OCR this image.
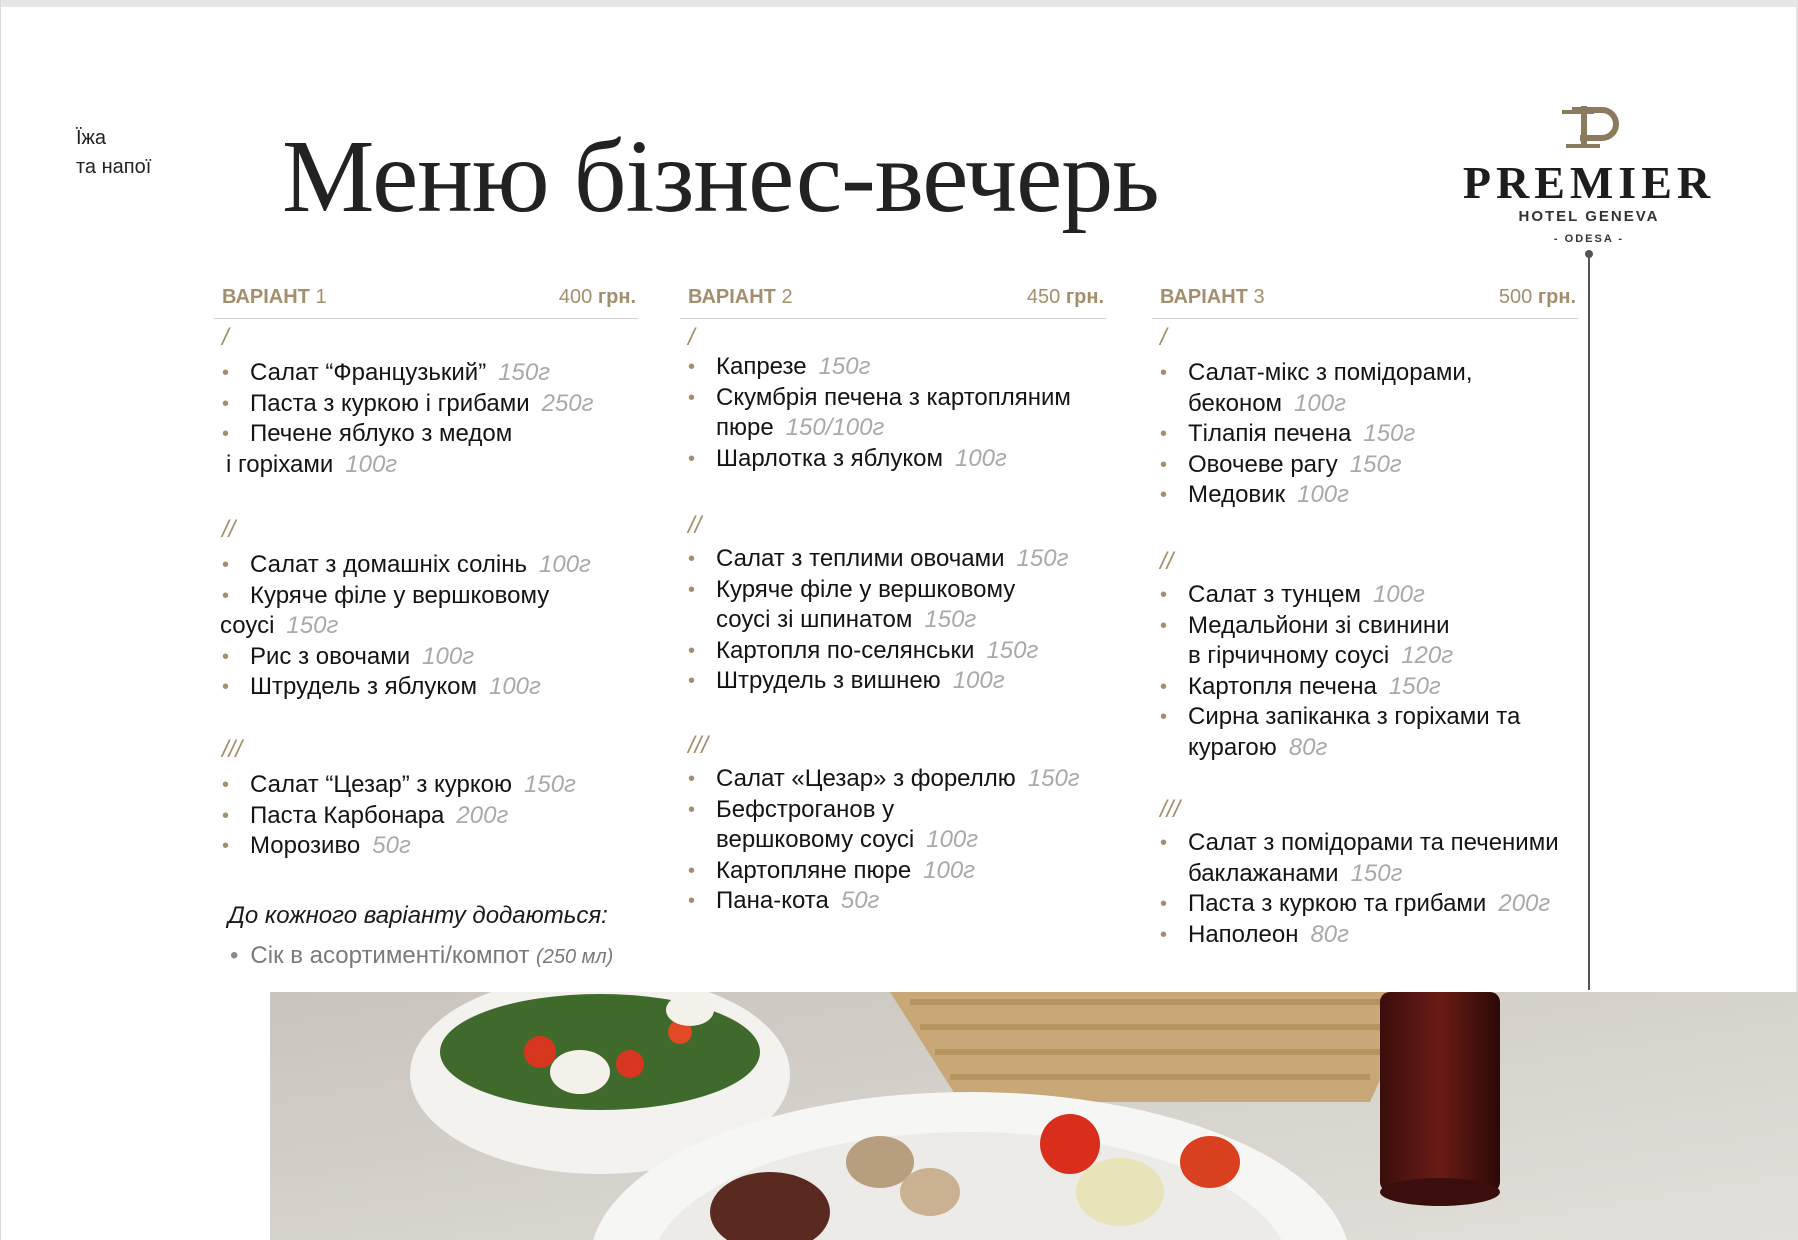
Їжа
та напої Меню бізнес-вечерь	PREMIER
HOTEL GENEVA
- ODESA -
ВАРІАНТ 1	400 грн.
/
• Салат “Французький” 150г
• Паста з куркою і грибами 250г
• Печене яблуко з медом
і горіхами 100г
//
• Салат з домашніх солінь 100г
• Куряче філе у вершковому
соусі 150г
• Рис з овочами 100г
• Штрудель з яблуком 100г
///
• Салат “Цезар” з куркою 150г
• Паста Карбонара 200г
• Морозиво 50г
ВАРІАНТ 2	450 грн.
/
• Капрезе 150г
• Скумбрія печена з картопляним
пюре 150/100г
• Шарлотка з яблуком 100г
//
• Салат з теплими овочами 150г
• Куряче філе у вершковому
соусі зі шпинатом 150г
• Картопля по-селянськи 150г
• Штрудель з вишнею 100г
///
• Салат «Цезар» з фореллю 150г
• Бефстроганов у
вершковому соусі 100г
• Картопляне пюре 100г
• Пана-кота 50г
ВАРІАНТ 3	500 грн.
/
• Салат-мікс з помідорами,
беконом 100г
• Тілапія печена 150г
• Овочеве рагу 150г
• Медовик 100г
//
• Салат з тунцем 100г
• Медальйони зі свинини
в гірчичному соусі 120г
• Картопля печена 150г
• Сирна запіканка з горіхами та
курагою 80г
///
• Салат з помідорами та печеними
баклажанами 150г
• Паста з куркою та грибами 200г
• Наполеон 80г
До кожного варіанту додаються:
• Сік в асортименті/компот (250 мл)
